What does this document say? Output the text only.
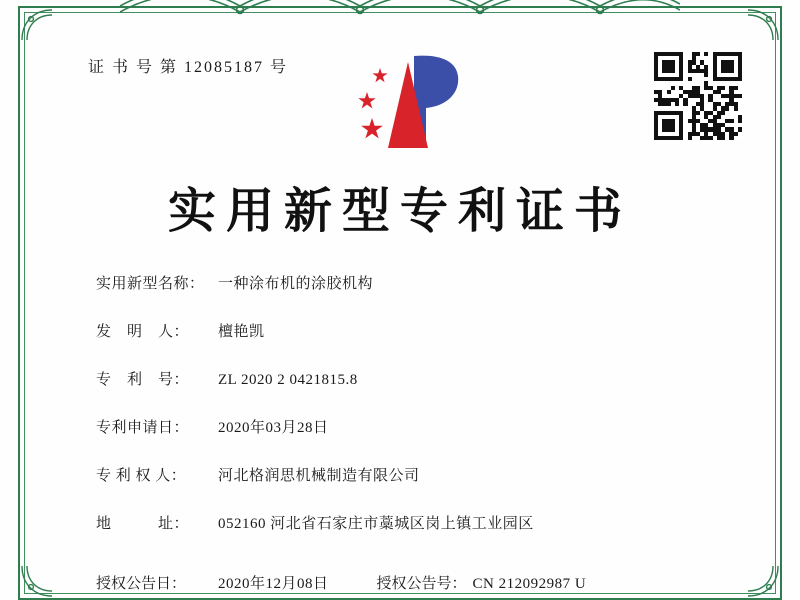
证 书 号 第 12085187 号
实用新型专利证书
实用新型名称： 一种涂布机的涂胶机构
发　明　人：	檀艳凯
专　利　号：	ZL 2020 2 0421815.8
专利申请日：	2020年03月28日
专 利 权 人：	河北格润思机械制造有限公司
地　　　址：	052160 河北省石家庄市藁城区岗上镇工业园区
授权公告日：	2020年12月08日	授权公告号： CN 212092987 U
